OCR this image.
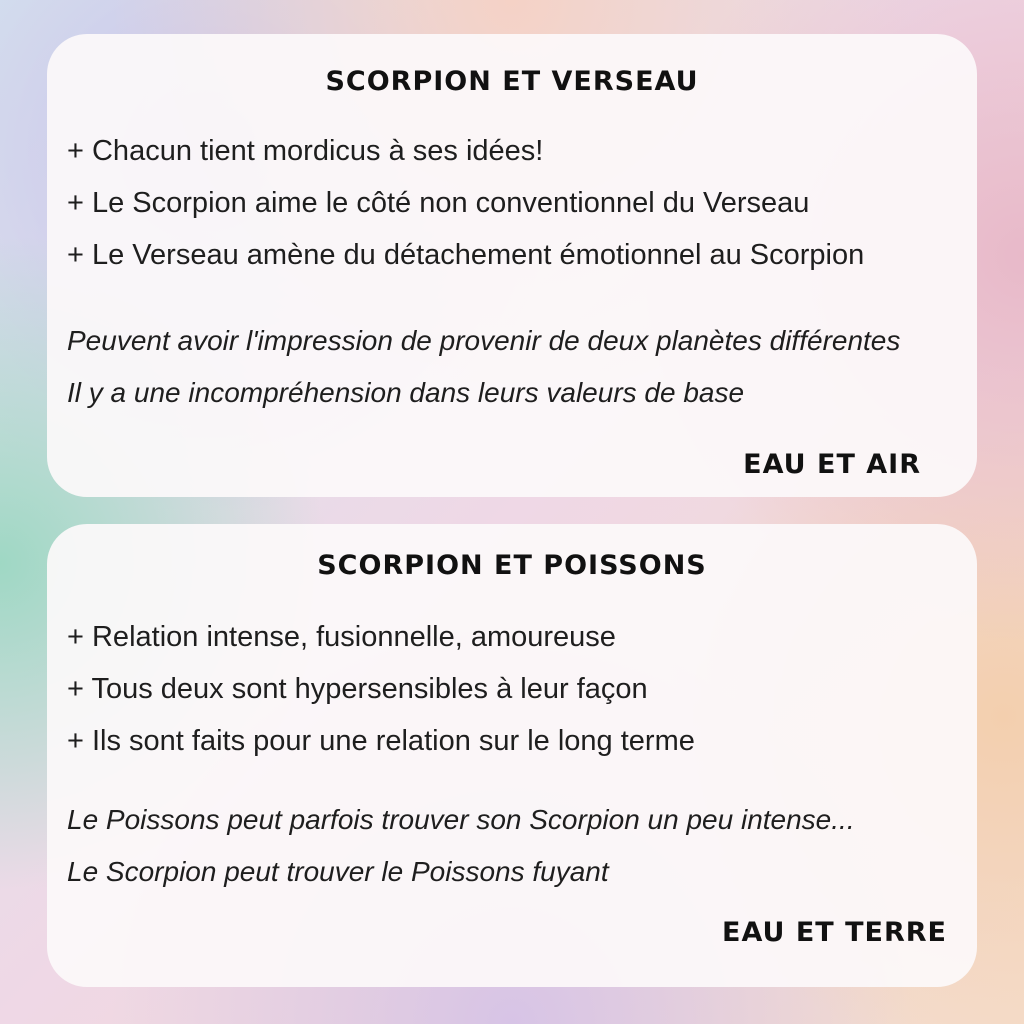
SCORPION ET VERSEAU
+ Chacun tient mordicus à ses idées!
+ Le Scorpion aime le côté non conventionnel du Verseau
+ Le Verseau amène du détachement émotionnel au Scorpion
Peuvent avoir l'impression de provenir de deux planètes différentes
Il y a une incompréhension dans leurs valeurs de base
EAU ET AIR
SCORPION ET POISSONS
+ Relation intense, fusionnelle, amoureuse
+ Tous deux sont hypersensibles à leur façon
+ Ils sont faits pour une relation sur le long terme
Le Poissons peut parfois trouver son Scorpion un peu intense...
Le Scorpion peut trouver le Poissons fuyant
EAU ET TERRE
